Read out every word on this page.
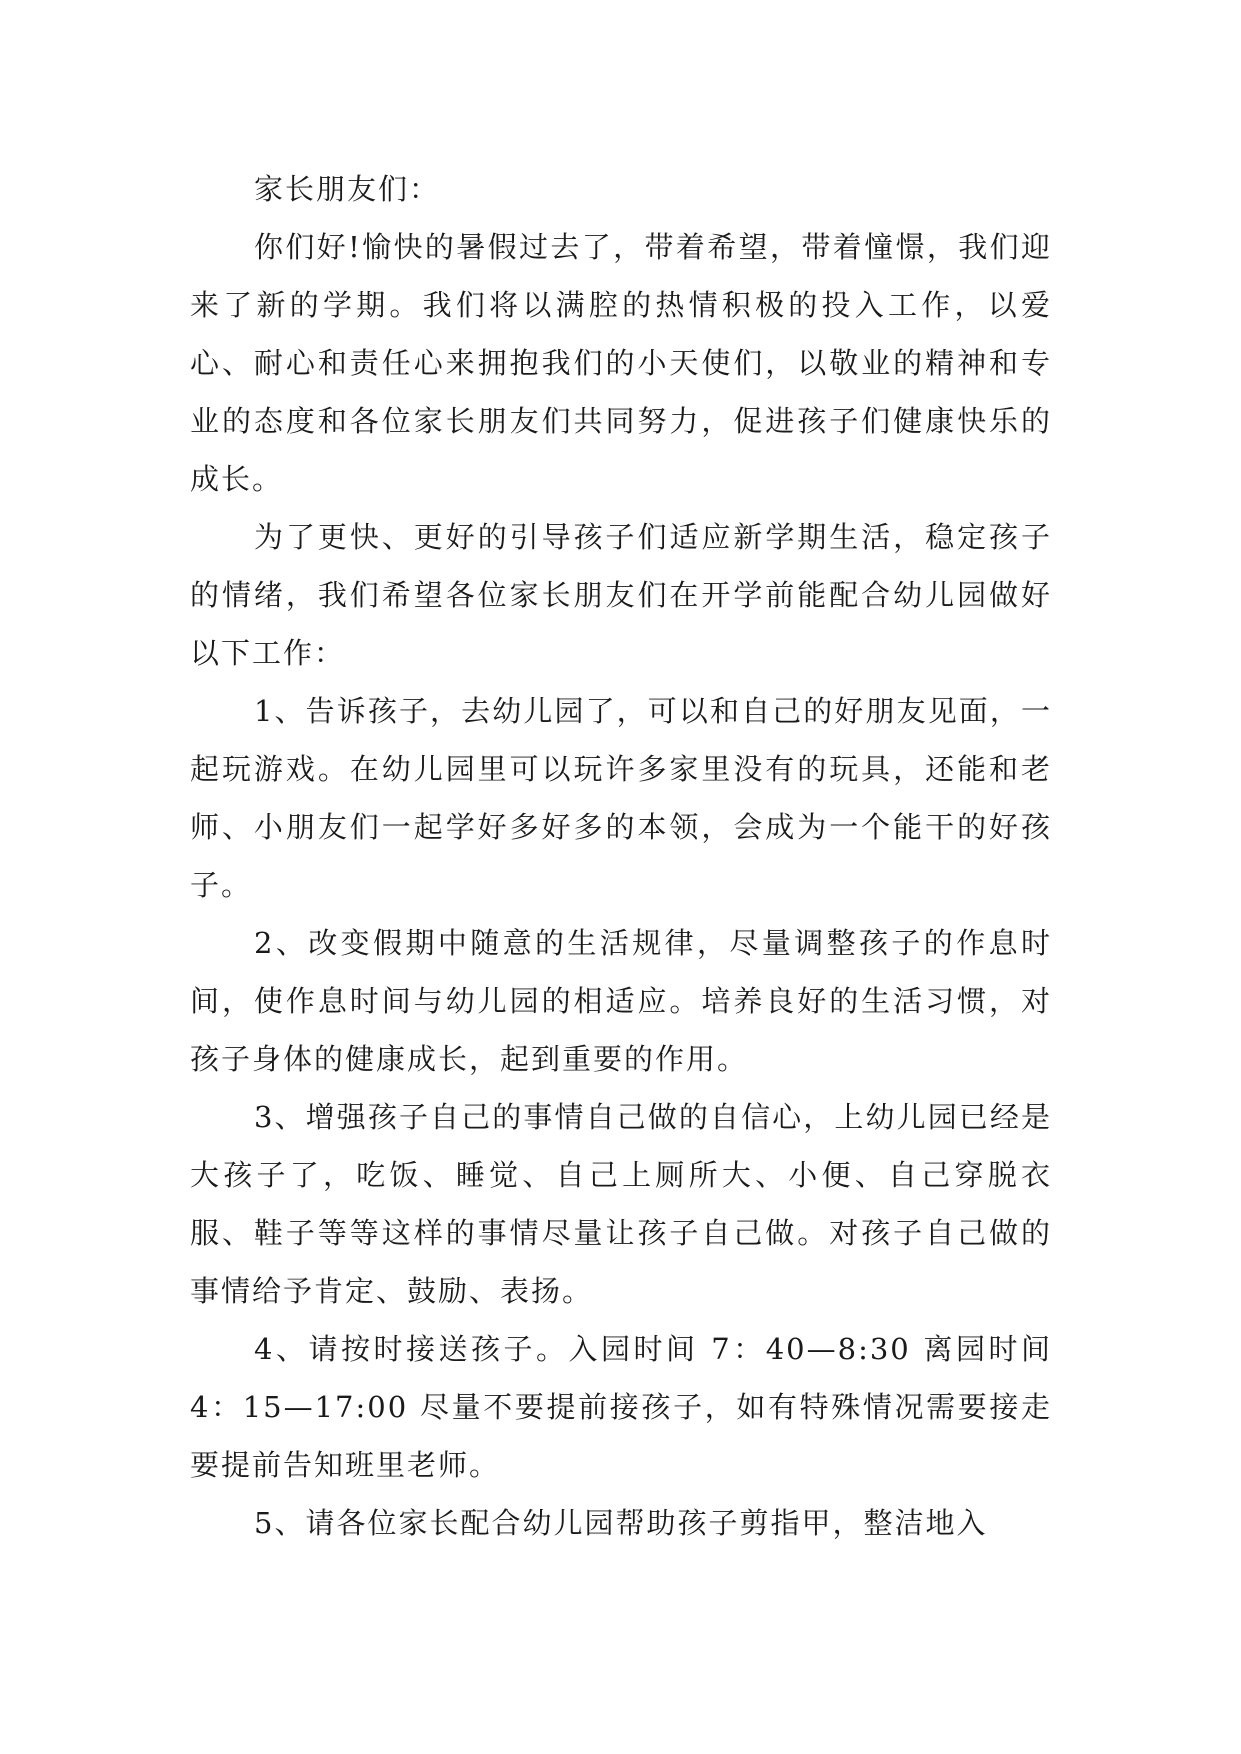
家长朋友们：

你们好!愉快的暑假过去了，带着希望，带着憧憬，我们迎来了新的学期。我们将以满腔的热情积极的投入工作，以爱心、耐心和责任心来拥抱我们的小天使们，以敬业的精神和专业的态度和各位家长朋友们共同努力，促进孩子们健康快乐的成长。

为了更快、更好的引导孩子们适应新学期生活，稳定孩子的情绪，我们希望各位家长朋友们在开学前能配合幼儿园做好以下工作：

1、告诉孩子，去幼儿园了，可以和自己的好朋友见面，一起玩游戏。在幼儿园里可以玩许多家里没有的玩具，还能和老师、小朋友们一起学好多好多的本领，会成为一个能干的好孩子。

2、改变假期中随意的生活规律，尽量调整孩子的作息时间，使作息时间与幼儿园的相适应。培养良好的生活习惯，对孩子身体的健康成长，起到重要的作用。

3、增强孩子自己的事情自己做的自信心，上幼儿园已经是大孩子了，吃饭、睡觉、自己上厕所大、小便、自己穿脱衣服、鞋子等等这样的事情尽量让孩子自己做。对孩子自己做的事情给予肯定、鼓励、表扬。

4、请按时接送孩子。入园时间 7：40—8:30 离园时间4：15—17:00 尽量不要提前接孩子，如有特殊情况需要接走要提前告知班里老师。

5、请各位家长配合幼儿园帮助孩子剪指甲，整洁地入
